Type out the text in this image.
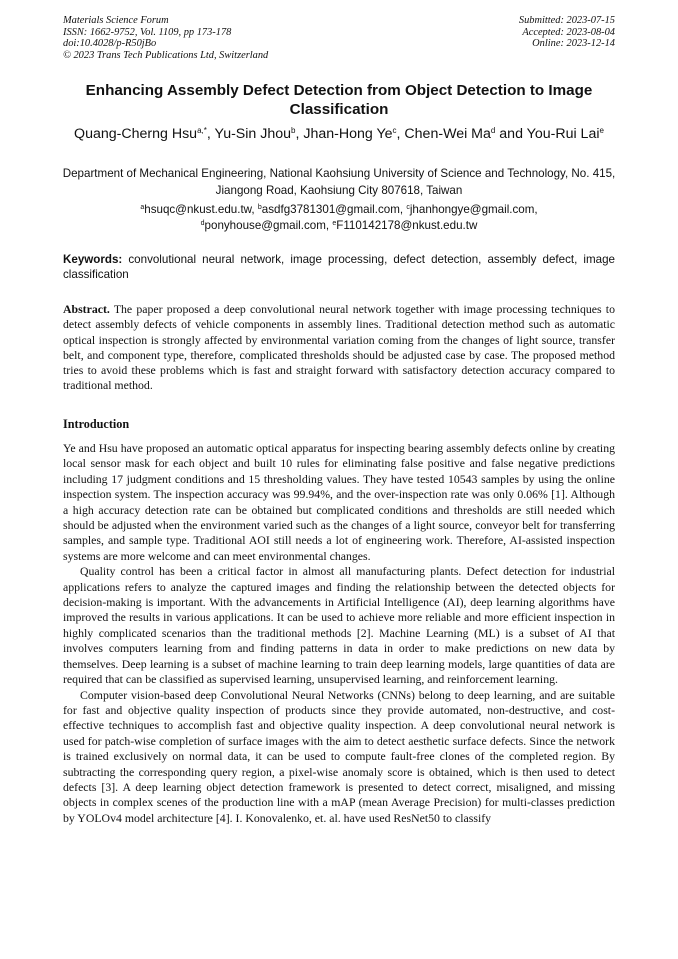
Materials Science Forum
ISSN: 1662-9752, Vol. 1109, pp 173-178
doi:10.4028/p-R50jBo
© 2023 Trans Tech Publications Ltd, Switzerland
Submitted: 2023-07-15
Accepted: 2023-08-04
Online: 2023-12-14
Enhancing Assembly Defect Detection from Object Detection to Image Classification
Quang-Cherng Hsu$^{a,*}$, Yu-Sin Jhou$^b$, Jhan-Hong Ye$^c$, Chen-Wei Ma$^d$ and You-Rui Lai$^e$
Department of Mechanical Engineering, National Kaohsiung University of Science and Technology, No. 415, Jiangong Road, Kaohsiung City 807618, Taiwan
$^a$hsuqc@nkust.edu.tw, $^b$asdfg3781301@gmail.com, $^c$jhanhongye@gmail.com,
$^d$ponyhouse@gmail.com, $^e$F110142178@nkust.edu.tw
Keywords: convolutional neural network, image processing, defect detection, assembly defect, image classification
Abstract. The paper proposed a deep convolutional neural network together with image processing techniques to detect assembly defects of vehicle components in assembly lines. Traditional detection method such as automatic optical inspection is strongly affected by environmental variation coming from the changes of light source, transfer belt, and component type, therefore, complicated thresholds should be adjusted case by case. The proposed method tries to avoid these problems which is fast and straight forward with satisfactory detection accuracy compared to traditional method.
Introduction

Ye and Hsu have proposed an automatic optical apparatus for inspecting bearing assembly defects online by creating local sensor mask for each object and built 10 rules for eliminating false positive and false negative predictions including 17 judgment conditions and 15 thresholding values. They have tested 10543 samples by using the online inspection system. The inspection accuracy was 99.94%, and the over-inspection rate was only 0.06% [1]. Although a high accuracy detection rate can be obtained but complicated conditions and thresholds are still needed which should be adjusted when the environment varied such as the changes of a light source, conveyor belt for transferring samples, and sample type. Traditional AOI still needs a lot of engineering work. Therefore, AI-assisted inspection systems are more welcome and can meet environmental changes.

Quality control has been a critical factor in almost all manufacturing plants. Defect detection for industrial applications refers to analyze the captured images and finding the relationship between the detected objects for decision-making is important. With the advancements in Artificial Intelligence (AI), deep learning algorithms have improved the results in various applications. It can be used to achieve more reliable and more efficient inspection in highly complicated scenarios than the traditional methods [2]. Machine Learning (ML) is a subset of AI that involves computers learning from and finding patterns in data in order to make predictions on new data by themselves. Deep learning is a subset of machine learning to train deep learning models, large quantities of data are required that can be classified as supervised learning, unsupervised learning, and reinforcement learning.

Computer vision-based deep Convolutional Neural Networks (CNNs) belong to deep learning, and are suitable for fast and objective quality inspection of products since they provide automated, non-destructive, and cost-effective techniques to accomplish fast and objective quality inspection. A deep convolutional neural network is used for patch-wise completion of surface images with the aim to detect aesthetic surface defects. Since the network is trained exclusively on normal data, it can be used to compute fault-free clones of the completed region. By subtracting the corresponding query region, a pixel-wise anomaly score is obtained, which is then used to detect defects [3]. A deep learning object detection framework is presented to detect correct, misaligned, and missing objects in complex scenes of the production line with a mAP (mean Average Precision) for multi-classes prediction by YOLOv4 model architecture [4]. I. Konovalenko, et. al. have used ResNet50 to classify
